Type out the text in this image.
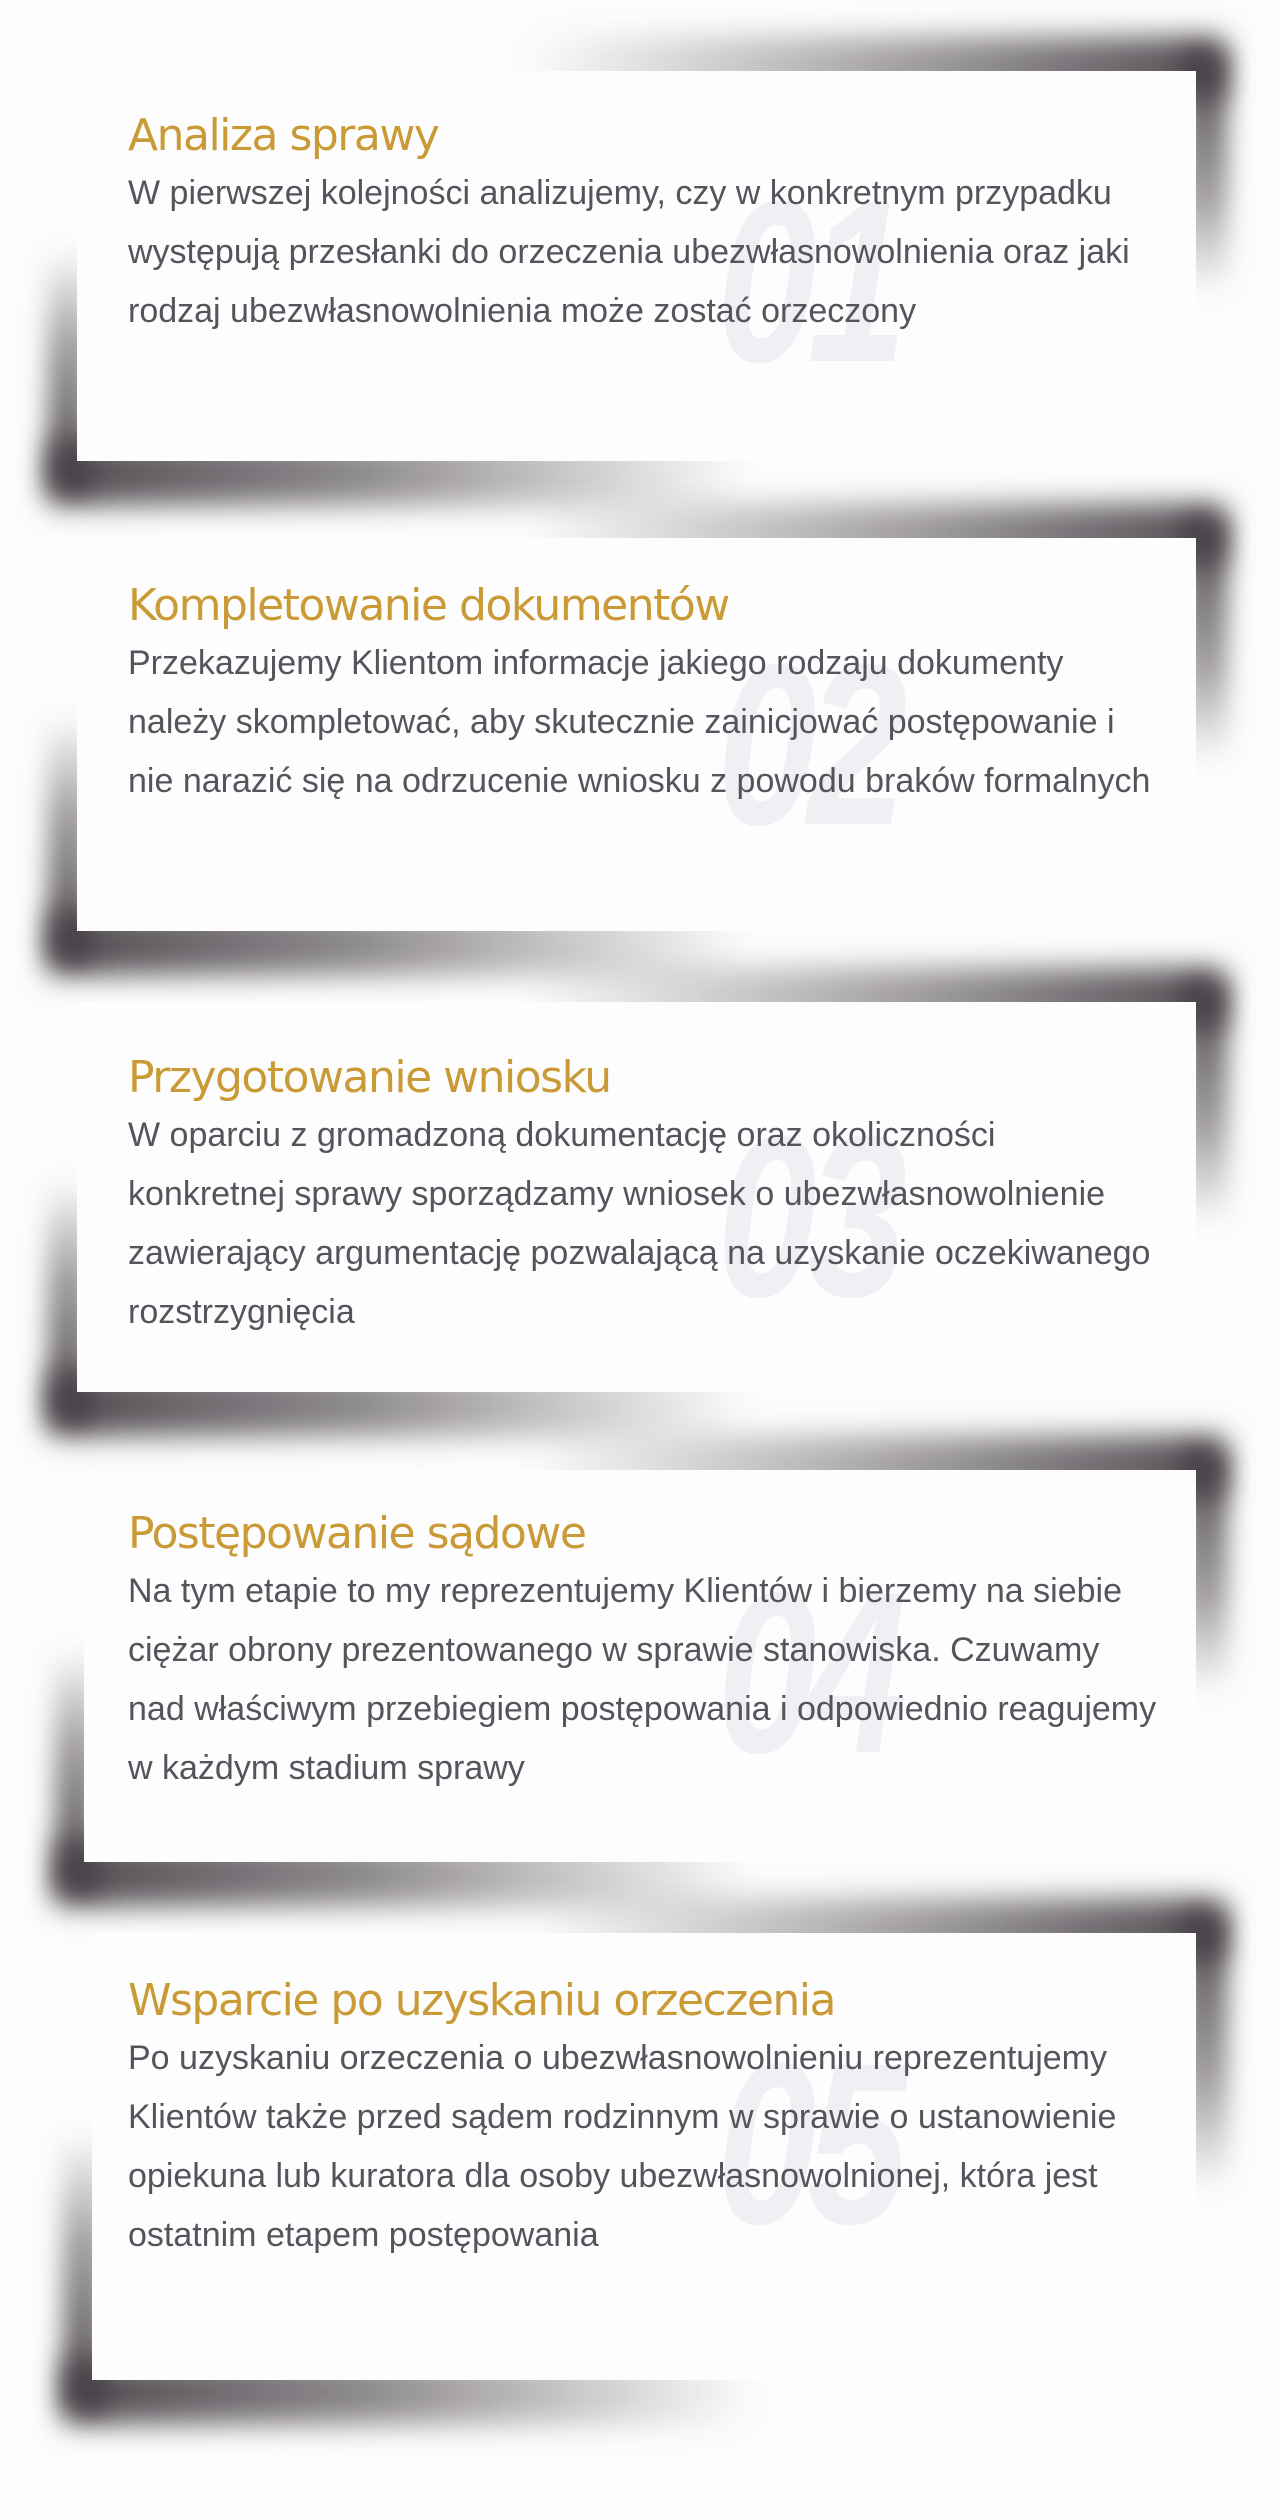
01
Analiza sprawy

W pierwszej kolejności analizujemy, czy w konkretnym przypadku występują przesłanki do orzeczenia ubezwłasnowolnienia oraz jaki rodzaj ubezwłasnowolnienia może zostać orzeczony

02
Kompletowanie dokumentów

Przekazujemy Klientom informacje jakiego rodzaju dokumenty należy skompletować, aby skutecznie zainicjować postępowanie i nie narazić się na odrzucenie wniosku z powodu braków formalnych

03
Przygotowanie wniosku

W oparciu z gromadzoną dokumentację oraz okoliczności konkretnej sprawy sporządzamy wniosek o ubezwłasnowolnienie zawierający argumentację pozwalającą na uzyskanie oczekiwanego rozstrzygnięcia

04
Postępowanie sądowe

Na tym etapie to my reprezentujemy Klientów i bierzemy na siebie ciężar obrony prezentowanego w sprawie stanowiska. Czuwamy nad właściwym przebiegiem postępowania i odpowiednio reagujemy w każdym stadium sprawy

05
Wsparcie po uzyskaniu orzeczenia

Po uzyskaniu orzeczenia o ubezwłasnowolnieniu reprezentujemy Klientów także przed sądem rodzinnym w sprawie o ustanowienie opiekuna lub kuratora dla osoby ubezwłasnowolnionej, która jest ostatnim etapem postępowania
